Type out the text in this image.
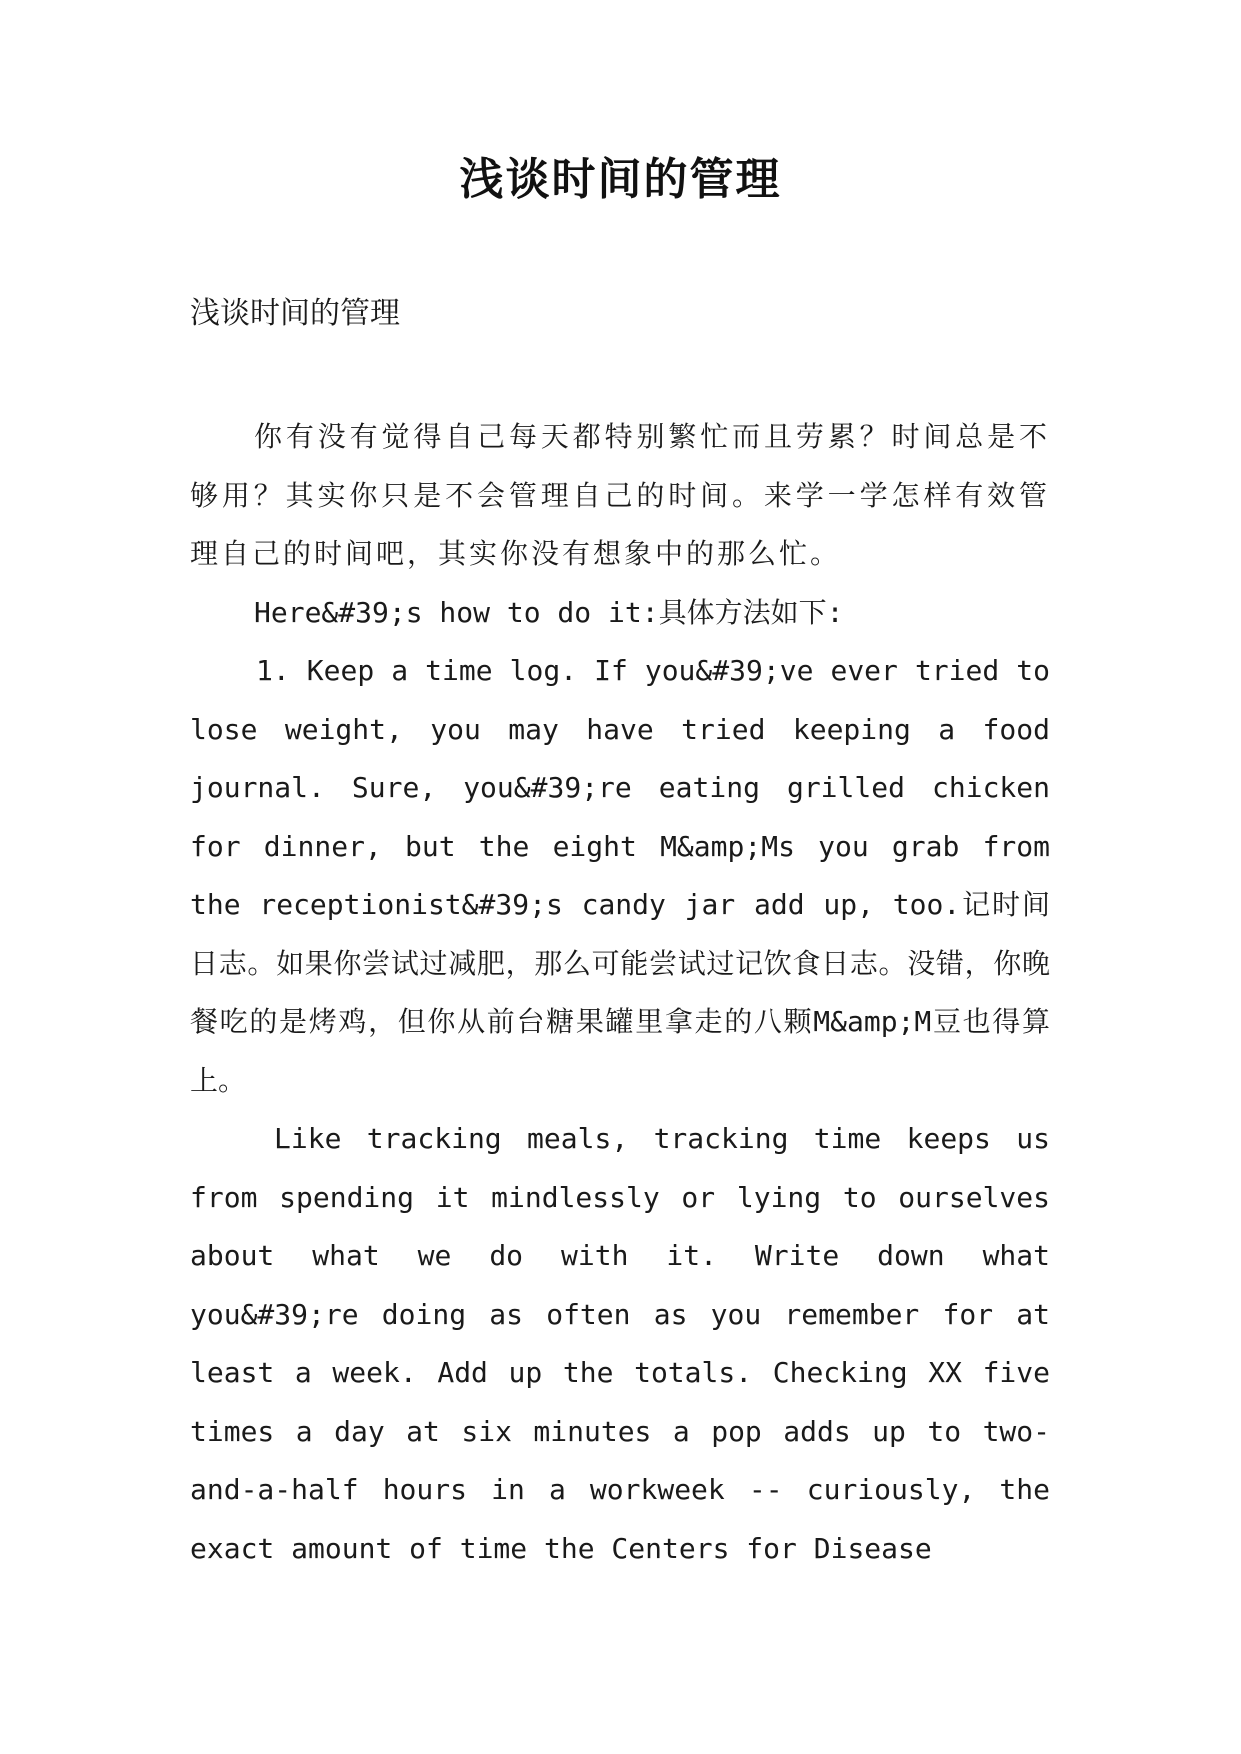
浅谈时间的管理
浅谈时间的管理

你有没有觉得自己每天都特别繁忙而且劳累？时间总是不够用？其实你只是不会管理自己的时间。来学一学怎样有效管理自己的时间吧，其实你没有想象中的那么忙。

Here&#39;s how to do it:具体方法如下:

1. Keep a time log. If you&#39;ve ever tried to lose weight, you may have tried keeping a food journal. Sure, you&#39;re eating grilled chicken for dinner, but the eight M&amp;Ms you grab from the receptionist&#39;s candy jar add up, too.记时间日志。如果你尝试过减肥，那么可能尝试过记饮食日志。没错，你晚餐吃的是烤鸡，但你从前台糖果罐里拿走的八颗M&amp;M豆也得算上。

Like tracking meals, tracking time keeps us from spending it mindlessly or lying to ourselves about what we do with it. Write down what you&#39;re doing as often as you remember for at least a week. Add up the totals. Checking XX five times a day at six minutes a pop adds up to two-and-a-half hours in a workweek -- curiously, the exact amount of time the Centers for Disease
